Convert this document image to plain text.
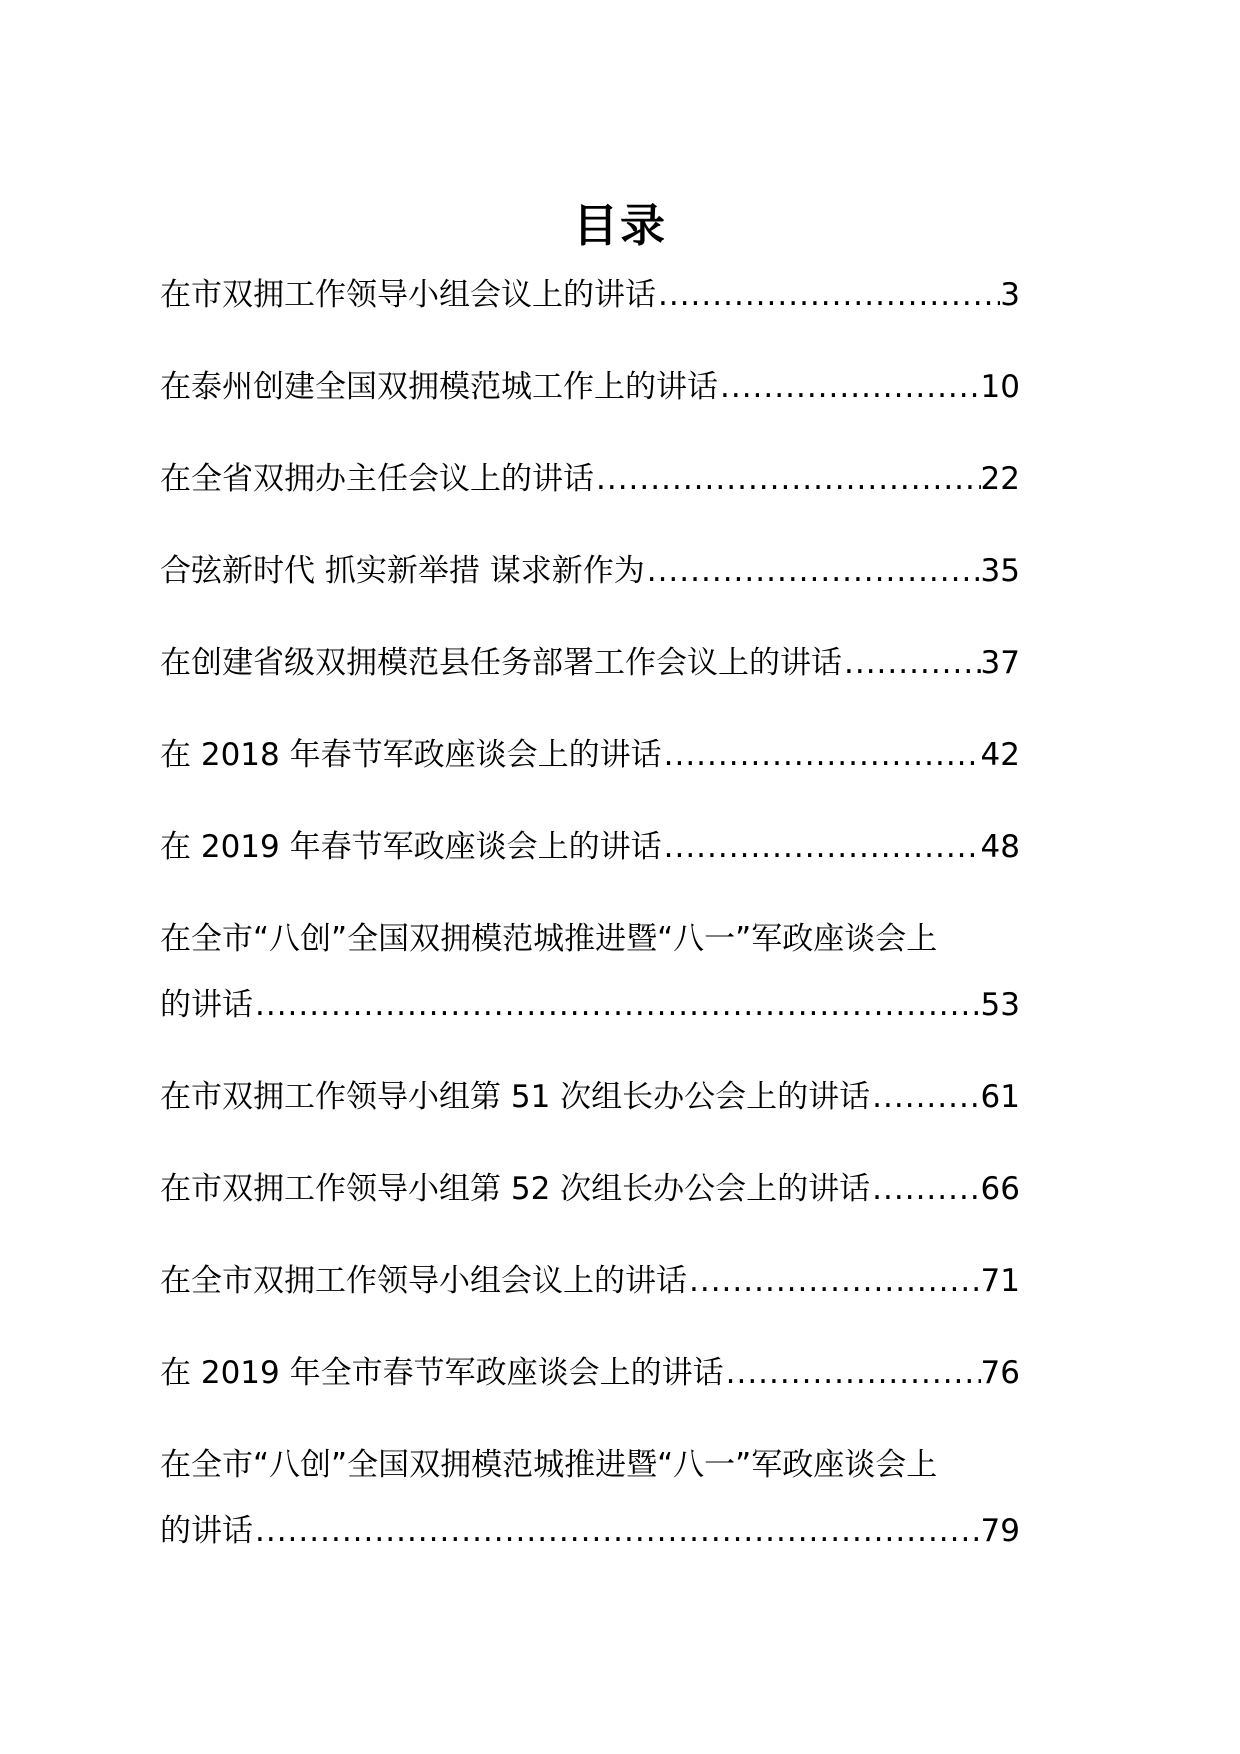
目录
在市双拥工作领导小组会议上的讲话 .....	3
在泰州创建全国双拥模范城工作上的讲话 .....	10
在全省双拥办主任会议上的讲话 .....	22
合弦新时代 抓实新举措 谋求新作为 .....	35
在创建省级双拥模范县任务部署工作会议上的讲话 .....	37
在 2018 年春节军政座谈会上的讲话 .....	42
在 2019 年春节军政座谈会上的讲话 .....	48
在全市“八创”全国双拥模范城推进暨“八一”军政座谈会上
的讲话 .....	53
在市双拥工作领导小组第 51 次组长办公会上的讲话 .....	61
在市双拥工作领导小组第 52 次组长办公会上的讲话 .....	66
在全市双拥工作领导小组会议上的讲话 .....	71
在 2019 年全市春节军政座谈会上的讲话 .....	76
在全市“八创”全国双拥模范城推进暨“八一”军政座谈会上
的讲话 .....	79
